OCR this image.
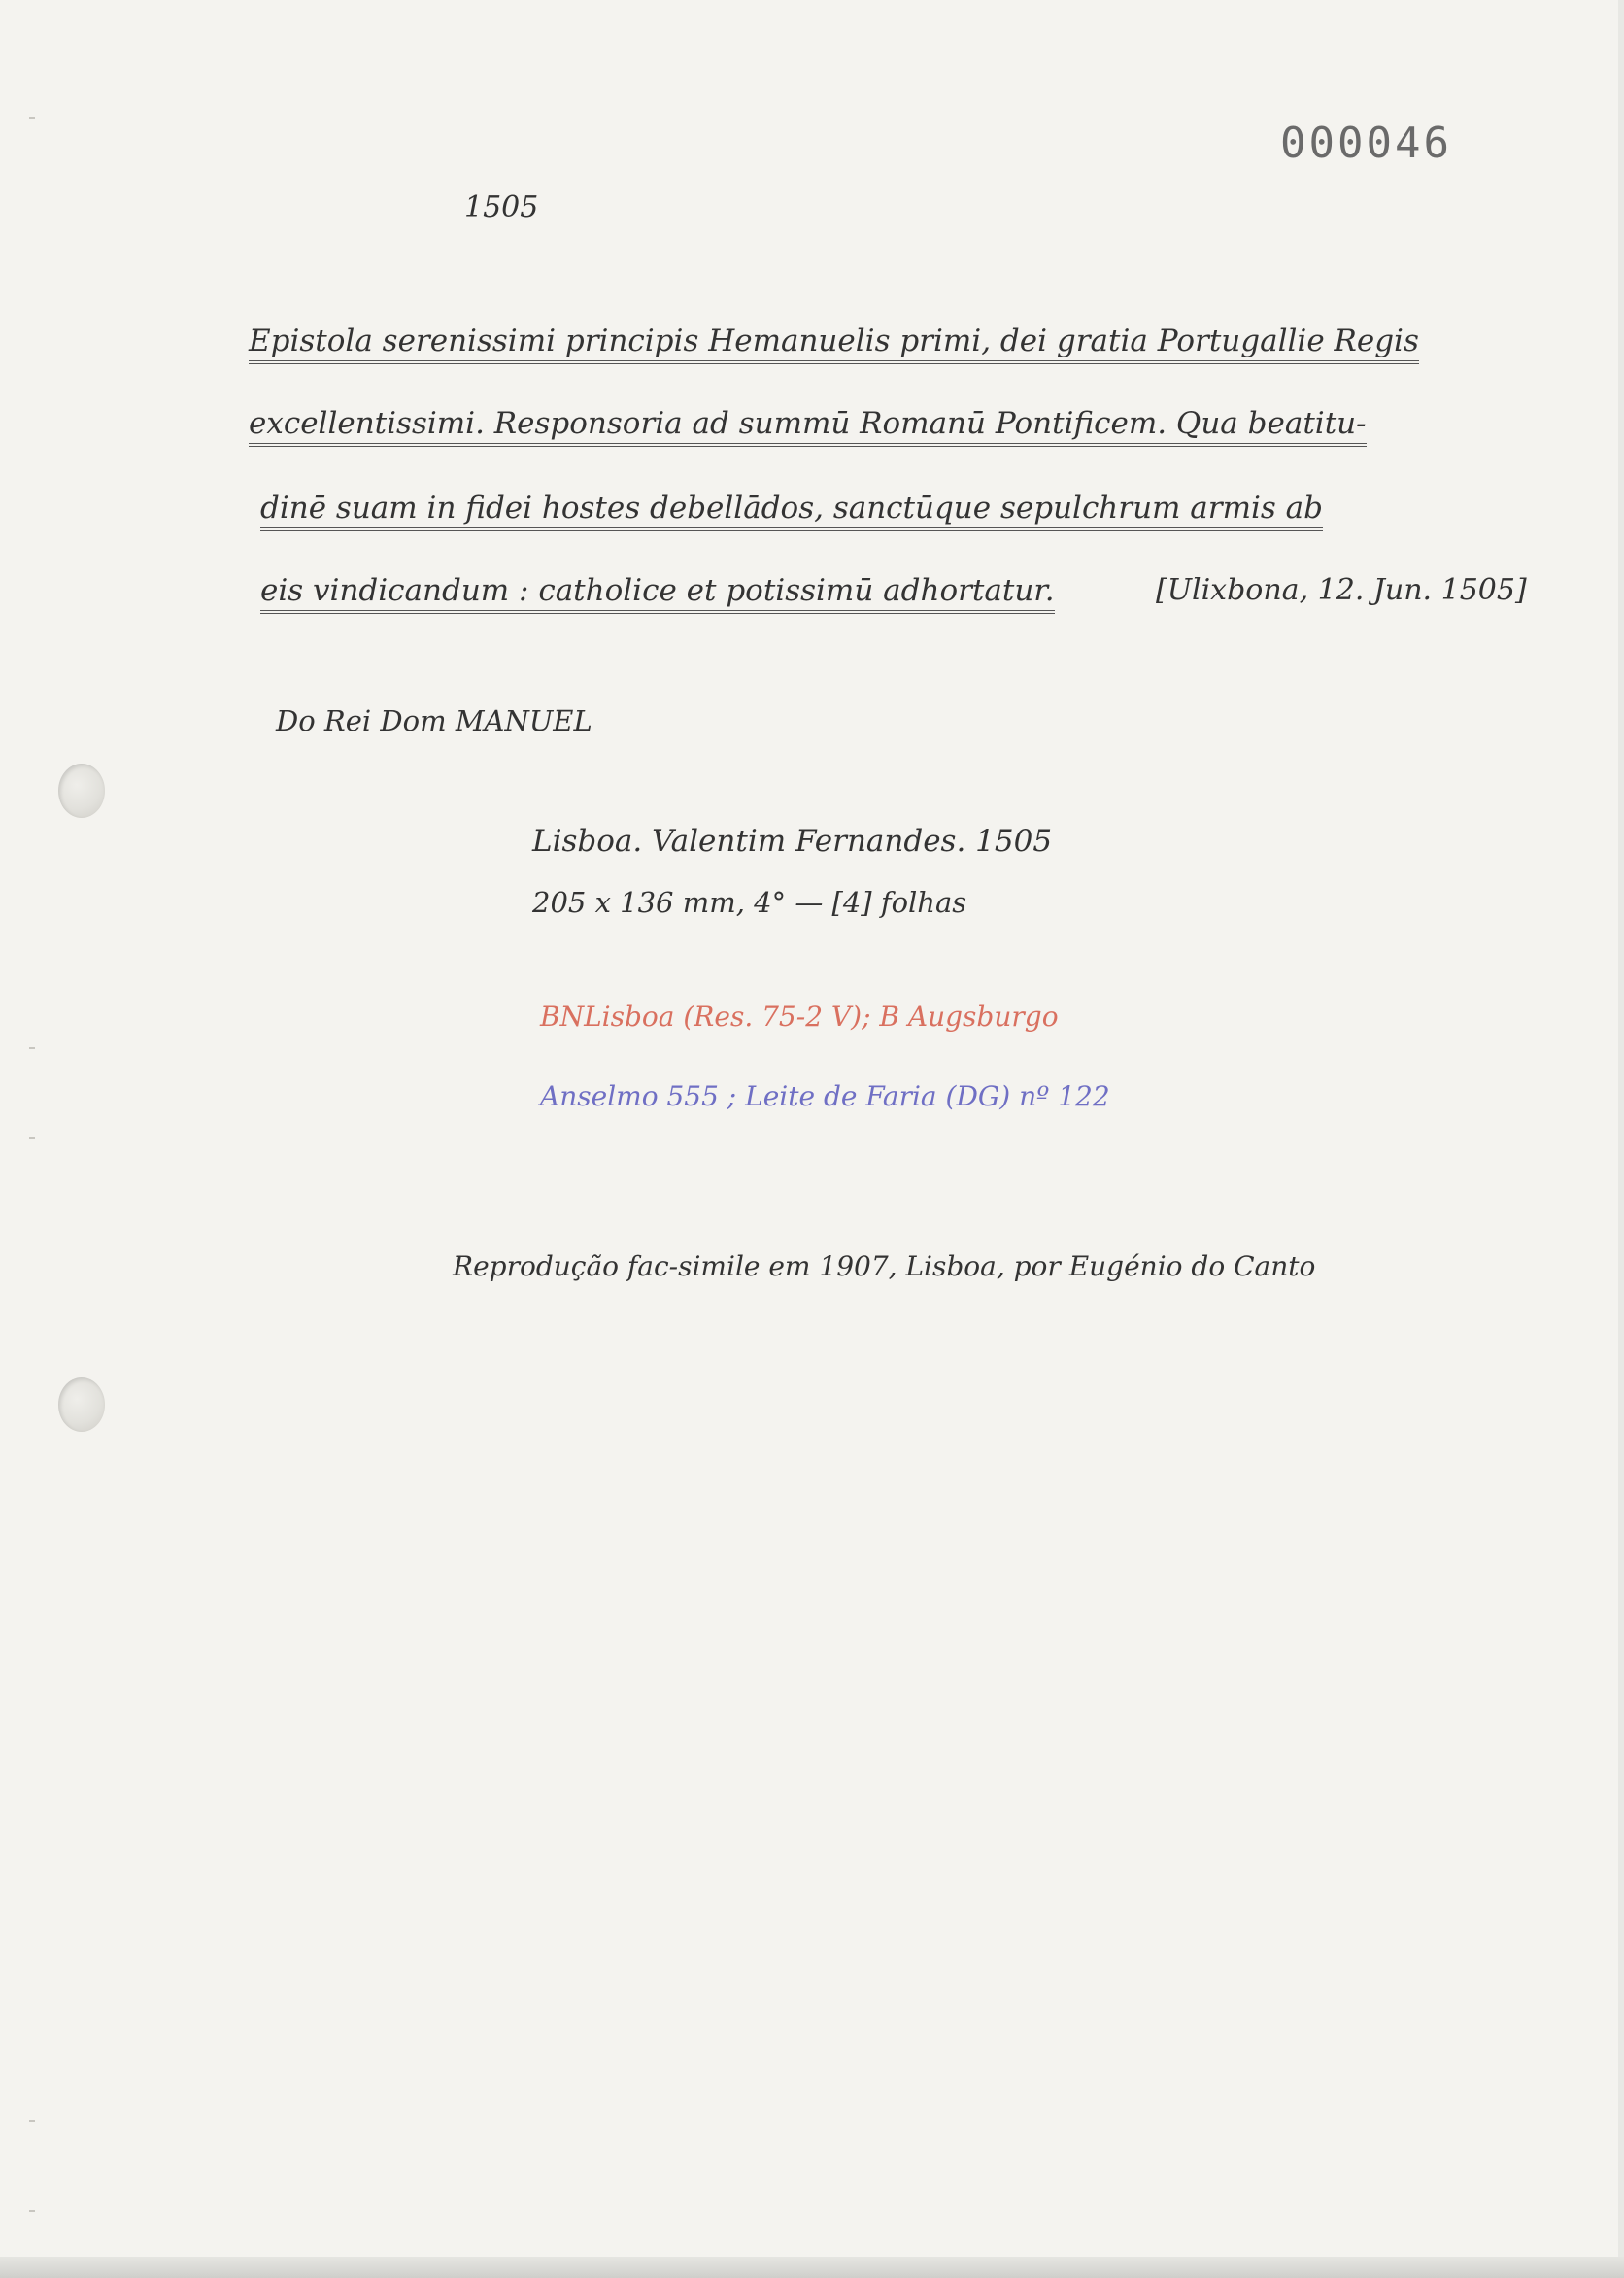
000046
1505
Epistola serenissimi principis Hemanuelis primi, dei gratia Portugallie Regis
excellentissimi. Responsoria ad summū Romanū Pontificem. Qua beatitu-
dinē suam in fidei hostes debellādos, sanctūque sepulchrum armis ab
eis vindicandum : catholice et potissimū adhortatur.	[Ulixbona, 12. Jun. 1505]
Do Rei Dom MANUEL
Lisboa. Valentim Fernandes. 1505
205 x 136 mm, 4° — [4] folhas
BNLisboa (Res. 75-2 V); B Augsburgo
Anselmo 555 ; Leite de Faria (DG) nº 122
Reprodução fac-simile em 1907, Lisboa, por Eugénio do Canto
